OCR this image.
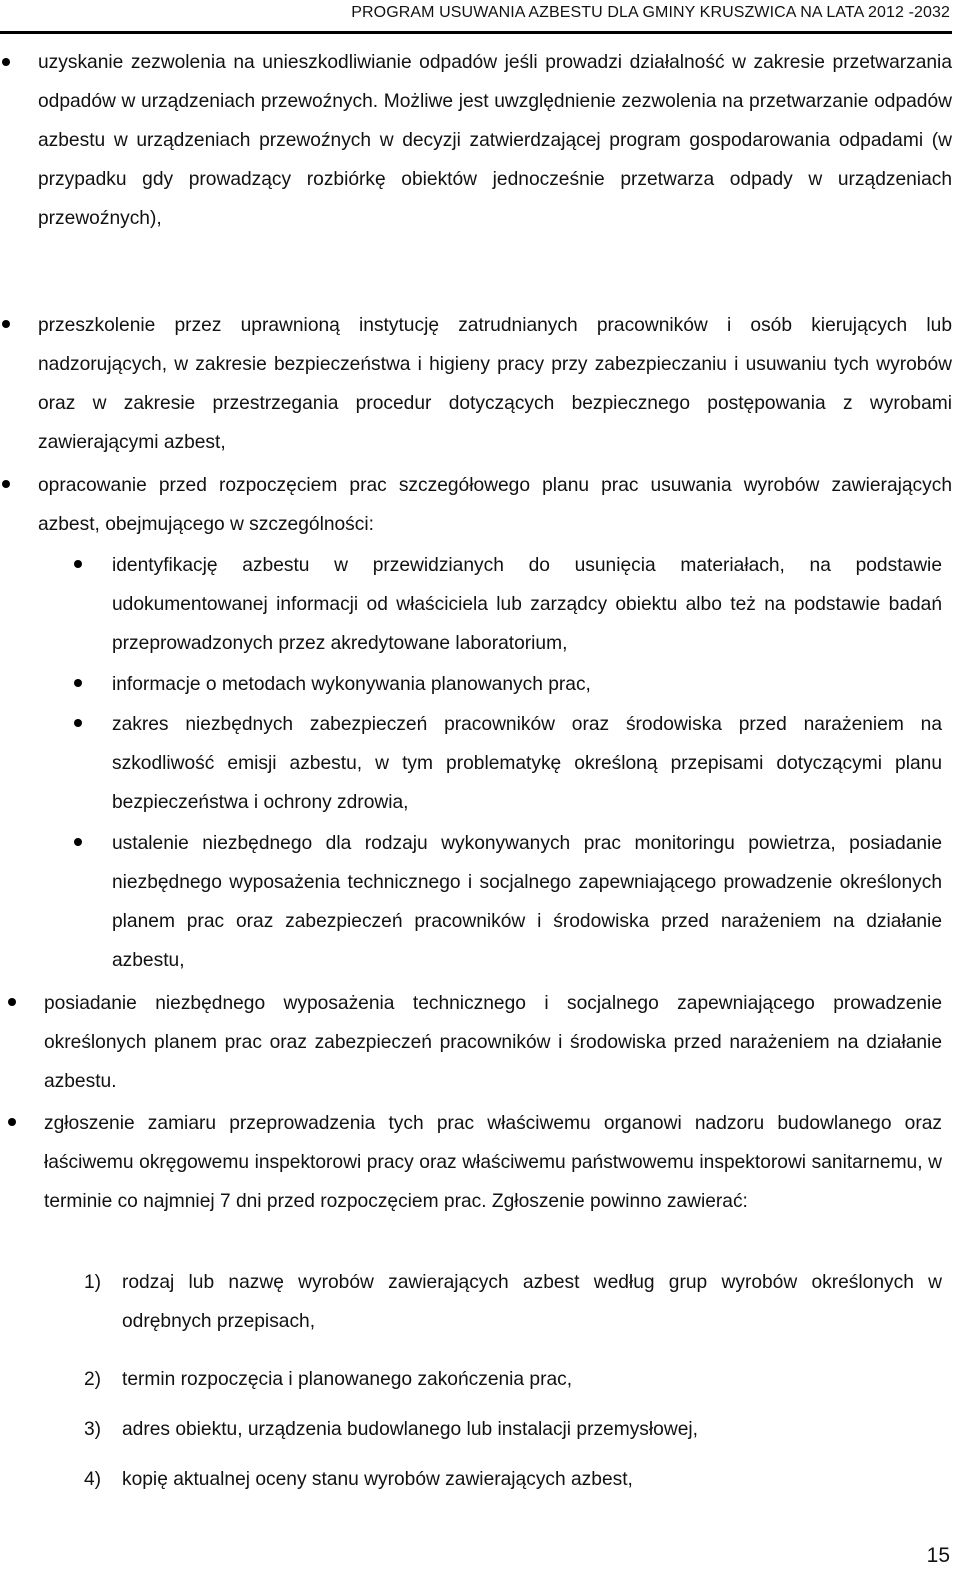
PROGRAM USUWANIA AZBESTU DLA GMINY KRUSZWICA NA LATA 2012 -2032

uzyskanie zezwolenia na unieszkodliwianie odpadów jeśli prowadzi działalność w zakresie przetwarzania odpadów w urządzeniach przewoźnych. Możliwe jest uwzględnienie zezwolenia na przetwarzanie odpadów azbestu w urządzeniach przewoźnych w decyzji zatwierdzającej program gospodarowania odpadami (w przypadku gdy prowadzący rozbiórkę obiektów jednocześnie przetwarza odpady w urządzeniach przewoźnych),

przeszkolenie przez uprawnioną instytucję zatrudnianych pracowników i osób kierujących lub nadzorujących, w zakresie bezpieczeństwa i higieny pracy przy zabezpieczaniu i usuwaniu tych wyrobów oraz w zakresie przestrzegania procedur dotyczących bezpiecznego postępowania z wyrobami zawierającymi azbest,

opracowanie przed rozpoczęciem prac szczegółowego planu prac usuwania wyrobów zawierających azbest, obejmującego w szczególności:

identyfikację azbestu w przewidzianych do usunięcia materiałach, na podstawie udokumentowanej informacji od właściciela lub zarządcy obiektu albo też na podstawie badań przeprowadzonych przez akredytowane laboratorium,

informacje o metodach wykonywania planowanych prac,

zakres niezbędnych zabezpieczeń pracowników oraz środowiska przed narażeniem na szkodliwość emisji azbestu, w tym problematykę określoną przepisami dotyczącymi planu bezpieczeństwa i ochrony zdrowia,

ustalenie niezbędnego dla rodzaju wykonywanych prac monitoringu powietrza, posiadanie niezbędnego wyposażenia technicznego i socjalnego zapewniającego prowadzenie określonych planem prac oraz zabezpieczeń pracowników i środowiska przed narażeniem na działanie azbestu,

posiadanie niezbędnego wyposażenia technicznego i socjalnego zapewniającego prowadzenie określonych planem prac oraz zabezpieczeń pracowników i środowiska przed narażeniem na działanie azbestu.

zgłoszenie zamiaru przeprowadzenia tych prac właściwemu organowi nadzoru budowlanego oraz łaściwemu okręgowemu inspektorowi pracy oraz właściwemu państwowemu inspektorowi sanitarnemu, w terminie co najmniej 7 dni przed rozpoczęciem prac. Zgłoszenie powinno zawierać:

1) rodzaj lub nazwę wyrobów zawierających azbest według grup wyrobów określonych w odrębnych przepisach,

2) termin rozpoczęcia i planowanego zakończenia prac,

3) adres obiektu, urządzenia budowlanego lub instalacji przemysłowej,

4) kopię aktualnej oceny stanu wyrobów zawierających azbest,

15
